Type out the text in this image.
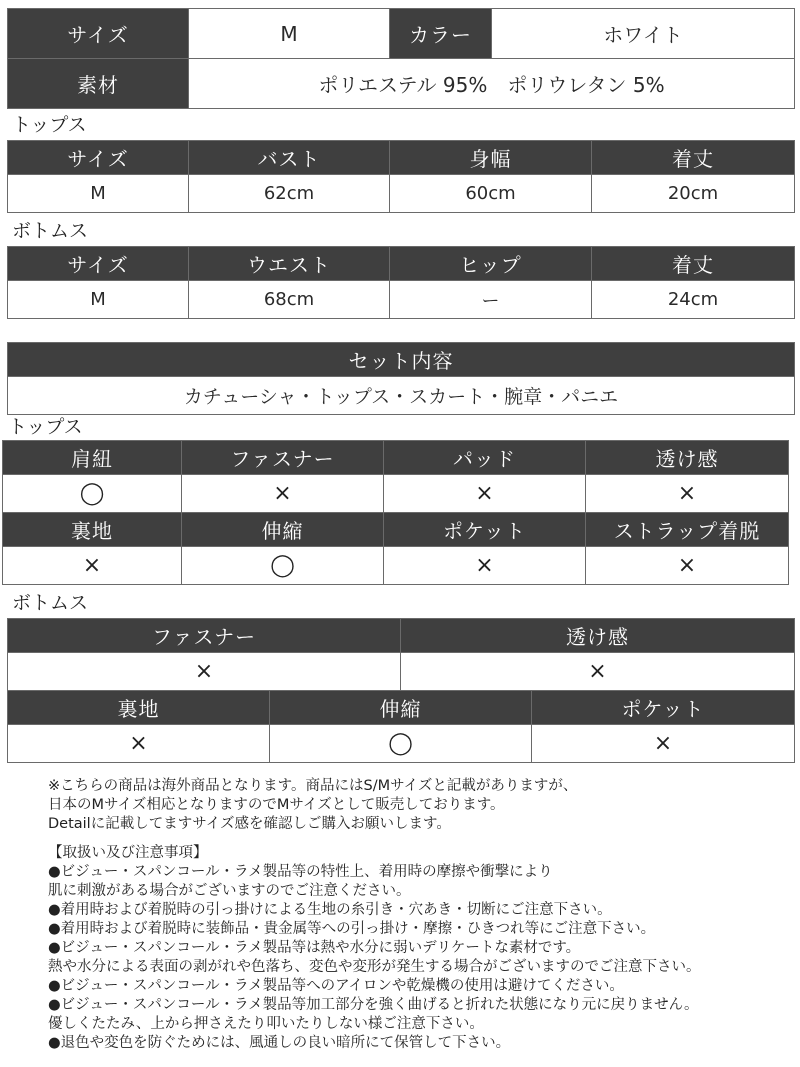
サイズ	M	カラー	ホワイト
素材	ポリエステル 95%　ポリウレタン 5%		
トップス
サイズ	バスト	身幅	着丈
M	62cm	60cm	20cm
ボトムス
サイズ	ウエスト	ヒップ	着丈
M	68cm	ー	24cm
セット内容
カチューシャ・トップス・スカート・腕章・パニエ
トップス
肩紐	ファスナー	パッド	透け感
◯	×	×	×
裏地	伸縮	ポケット	ストラップ着脱
×	◯	×	×
ボトムス
ファスナー	透け感
×	×
裏地	伸縮	ポケット
×	◯	×
※こちらの商品は海外商品となります。商品にはS/Mサイズと記載がありますが、
日本のMサイズ相応となりますのでMサイズとして販売しております。
Detailに記載してますサイズ感を確認しご購入お願いします。
【取扱い及び注意事項】
●ビジュー・スパンコール・ラメ製品等の特性上、着用時の摩擦や衝撃により
肌に刺激がある場合がございますのでご注意ください。
●着用時および着脱時の引っ掛けによる生地の糸引き・穴あき・切断にご注意下さい。
●着用時および着脱時に装飾品・貴金属等への引っ掛け・摩擦・ひきつれ等にご注意下さい。
●ビジュー・スパンコール・ラメ製品等は熱や水分に弱いデリケートな素材です。
熱や水分による表面の剥がれや色落ち、変色や変形が発生する場合がございますのでご注意下さい。
●ビジュー・スパンコール・ラメ製品等へのアイロンや乾燥機の使用は避けてください。
●ビジュー・スパンコール・ラメ製品等加工部分を強く曲げると折れた状態になり元に戻りません。
優しくたたみ、上から押さえたり叩いたりしない様ご注意下さい。
●退色や変色を防ぐためには、風通しの良い暗所にて保管して下さい。
